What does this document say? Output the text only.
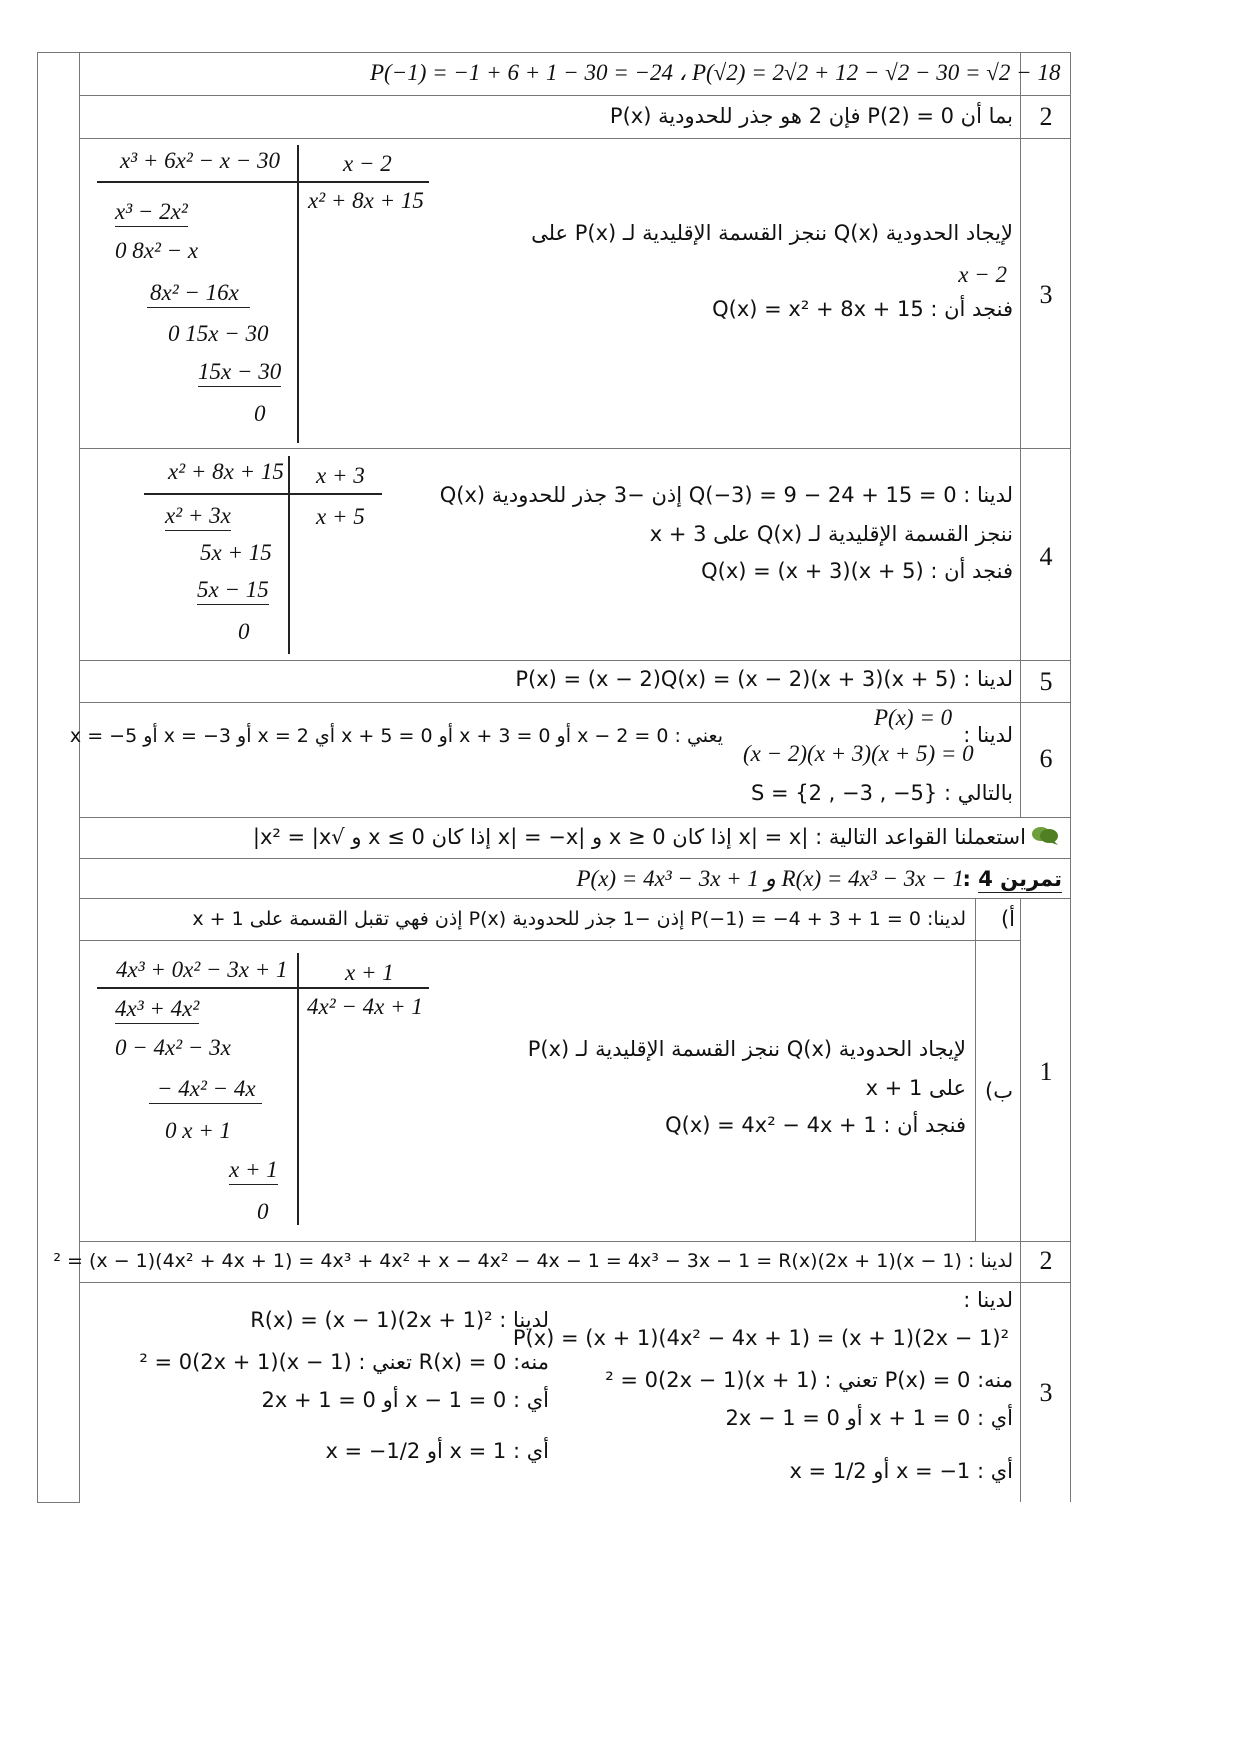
P(−1) = −1 + 6 + 1 − 30 = −24 ، P(√2) = 2√2 + 12 − √2 − 30 = √2 − 18
2
بما أن P(2) = 0 فإن 2 هو جذر للحدودية P(x)
3
لإيجاد الحدودية Q(x) ننجز القسمة الإقليدية لـ P(x) على
x − 2
فنجد أن : Q(x) = x² + 8x + 15
x³ + 6x² − x − 30	x − 2
x² + 8x + 15
x³ − 2x²
0 8x² − x
8x² − 16x
0 15x − 30
15x − 30
0
4
لدينا : Q(−3) = 9 − 24 + 15 = 0 إذن −3 جذر للحدودية Q(x)
ننجز القسمة الإقليدية لـ Q(x) على x + 3
فنجد أن : Q(x) = (x + 3)(x + 5)
x² + 8x + 15 x + 3
x + 5
x² + 3x
5x + 15
5x − 15
0
5
لدينا : P(x) = (x − 2)Q(x) = (x − 2)(x + 3)(x + 5)
6
لدينا :
P(x) = 0
(x − 2)(x + 3)(x + 5) = 0
يعني : x − 2 = 0 أو x + 3 = 0 أو x + 5 = 0 أي x = 2 أو x = −3 أو x = −5
بالتالي : S = {2 , −3 , −5}
استعملنا القواعد التالية : |x| = x إذا كان x ≥ 0 و |x| = −x إذا كان x ≤ 0 و √x² = |x|
تمرين 4 :
P(x) = 4x³ − 3x + 1 و R(x) = 4x³ − 3x − 1
أ)
لدينا: P(−1) = −4 + 3 + 1 = 0 إذن −1 جذر للحدودية P(x) إذن فهي تقبل القسمة على x + 1
1
ب)
لإيجاد الحدودية Q(x) ننجز القسمة الإقليدية لـ P(x)
على x + 1
فنجد أن : Q(x) = 4x² − 4x + 1
4x³ + 0x² − 3x + 1	x + 1
4x² − 4x + 1
4x³ + 4x²
0 − 4x² − 3x
− 4x² − 4x
0 x + 1
x + 1
0
2
لدينا : (x − 1)(2x + 1)² = (x − 1)(4x² + 4x + 1) = 4x³ + 4x² + x − 4x² − 4x − 1 = 4x³ − 3x − 1 = R(x)
3
لدينا :
P(x) = (x + 1)(4x² − 4x + 1) = (x + 1)(2x − 1)²
منه: P(x) = 0 تعني : (x + 1)(2x − 1)² = 0
أي : x + 1 = 0 أو 2x − 1 = 0
أي : x = −1 أو x = 1/2
لدينا : R(x) = (x − 1)(2x + 1)²
منه: R(x) = 0 تعني : (x − 1)(2x + 1)² = 0
أي : x − 1 = 0 أو 2x + 1 = 0
أي : x = 1 أو x = −1/2
